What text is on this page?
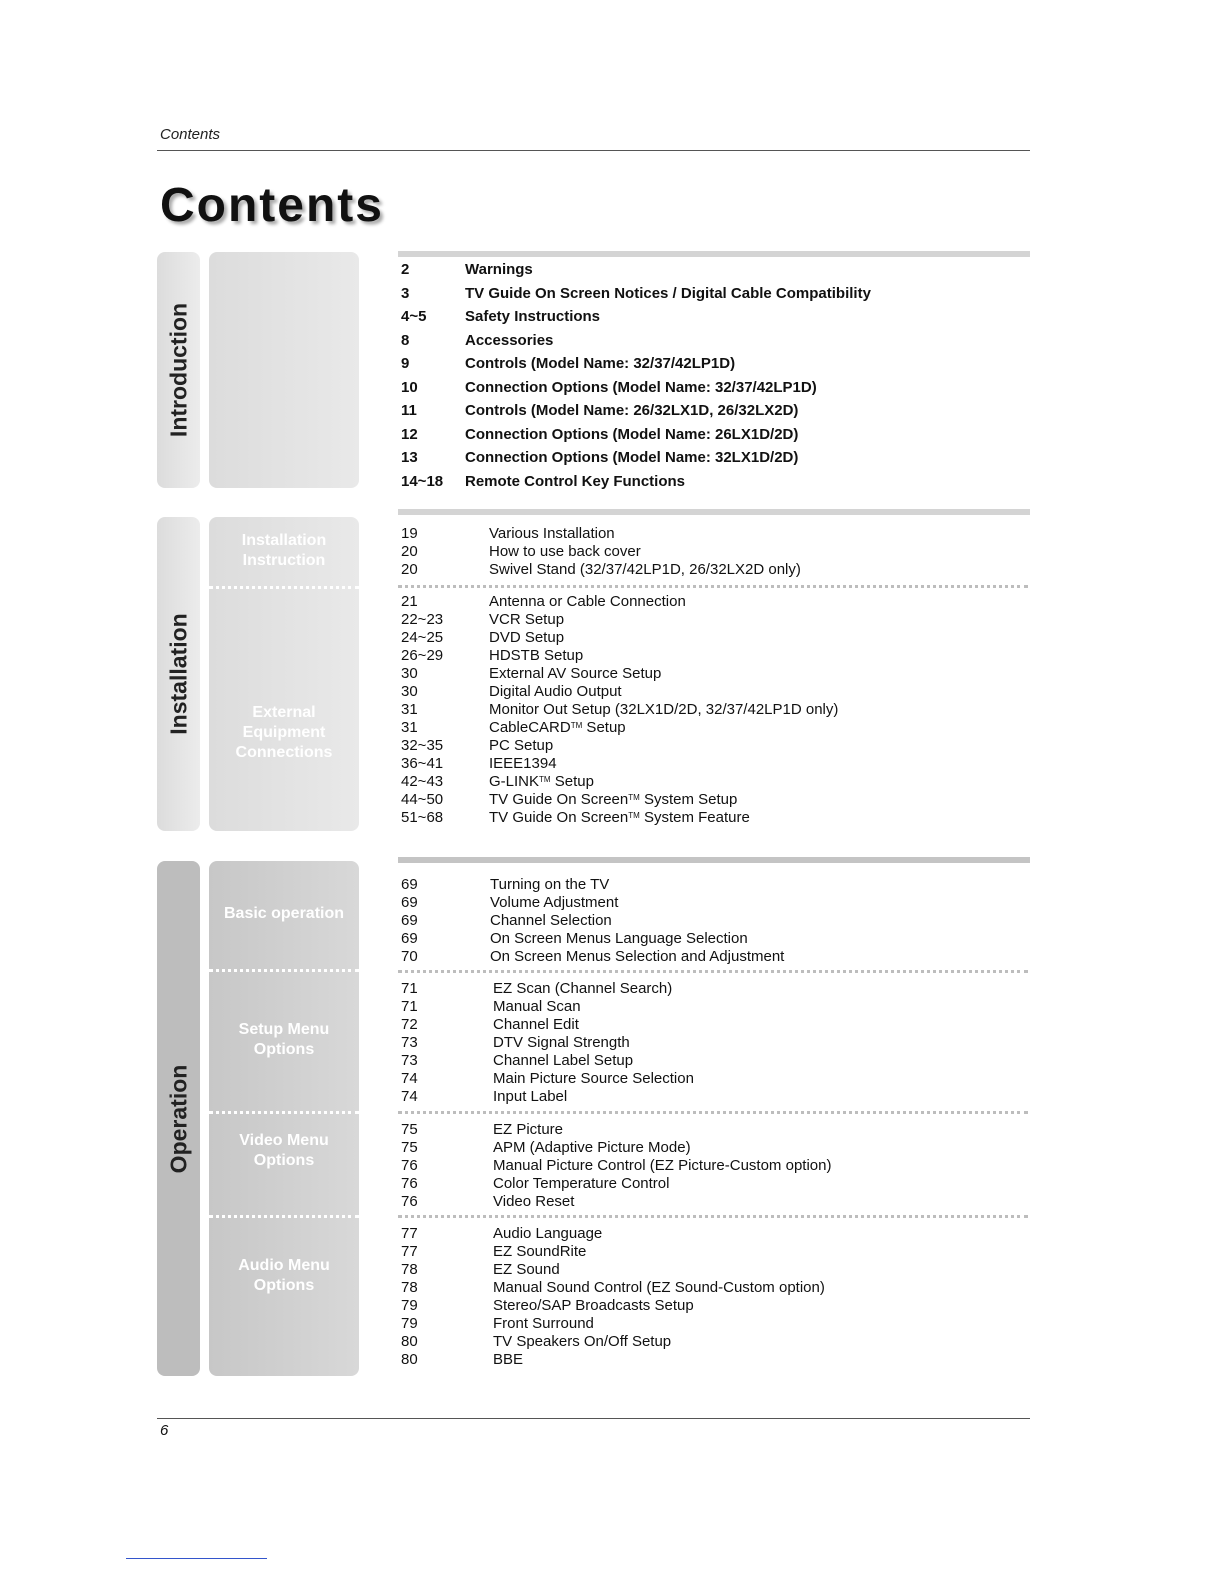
Contents
Contents
Introduction
Installation
Operation
Installation
Instruction
External
Equipment
Connections
Basic operation
Setup Menu
Options
Video Menu
Options
Audio Menu
Options
2	Warnings
3	TV Guide On Screen Notices / Digital Cable Compatibility
4~5	Safety Instructions
8	Accessories
9	Controls (Model Name: 32/37/42LP1D)
10	Connection Options (Model Name: 32/37/42LP1D)
11	Controls (Model Name: 26/32LX1D, 26/32LX2D)
12	Connection Options (Model Name: 26LX1D/2D)
13	Connection Options (Model Name: 32LX1D/2D)
14~18 Remote Control Key Functions
19	Various Installation
20	How to use back cover
20	Swivel Stand (32/37/42LP1D, 26/32LX2D only)
21	Antenna or Cable Connection
22~23	VCR Setup
24~25	DVD Setup
26~29	HDSTB Setup
30	External AV Source Setup
30	Digital Audio Output
31	Monitor Out Setup (32LX1D/2D, 32/37/42LP1D only)
31	CableCARD™ Setup
32~35	PC Setup
36~41	IEEE1394
42~43	G-LINK™ Setup
44~50	TV Guide On Screen™ System Setup
51~68	TV Guide On Screen™ System Feature
69	Turning on the TV
69	Volume Adjustment
69	Channel Selection
69	On Screen Menus Language Selection
70	On Screen Menus Selection and Adjustment
71	EZ Scan (Channel Search)
71	Manual Scan
72	Channel Edit
73	DTV Signal Strength
73	Channel Label Setup
74	Main Picture Source Selection
74	Input Label
75	EZ Picture
75	APM (Adaptive Picture Mode)
76	Manual Picture Control (EZ Picture-Custom option)
76	Color Temperature Control
76	Video Reset
77	Audio Language
77	EZ SoundRite
78	EZ Sound
78	Manual Sound Control (EZ Sound-Custom option)
79	Stereo/SAP Broadcasts Setup
79	Front Surround
80	TV Speakers On/Off Setup
80	BBE
6
